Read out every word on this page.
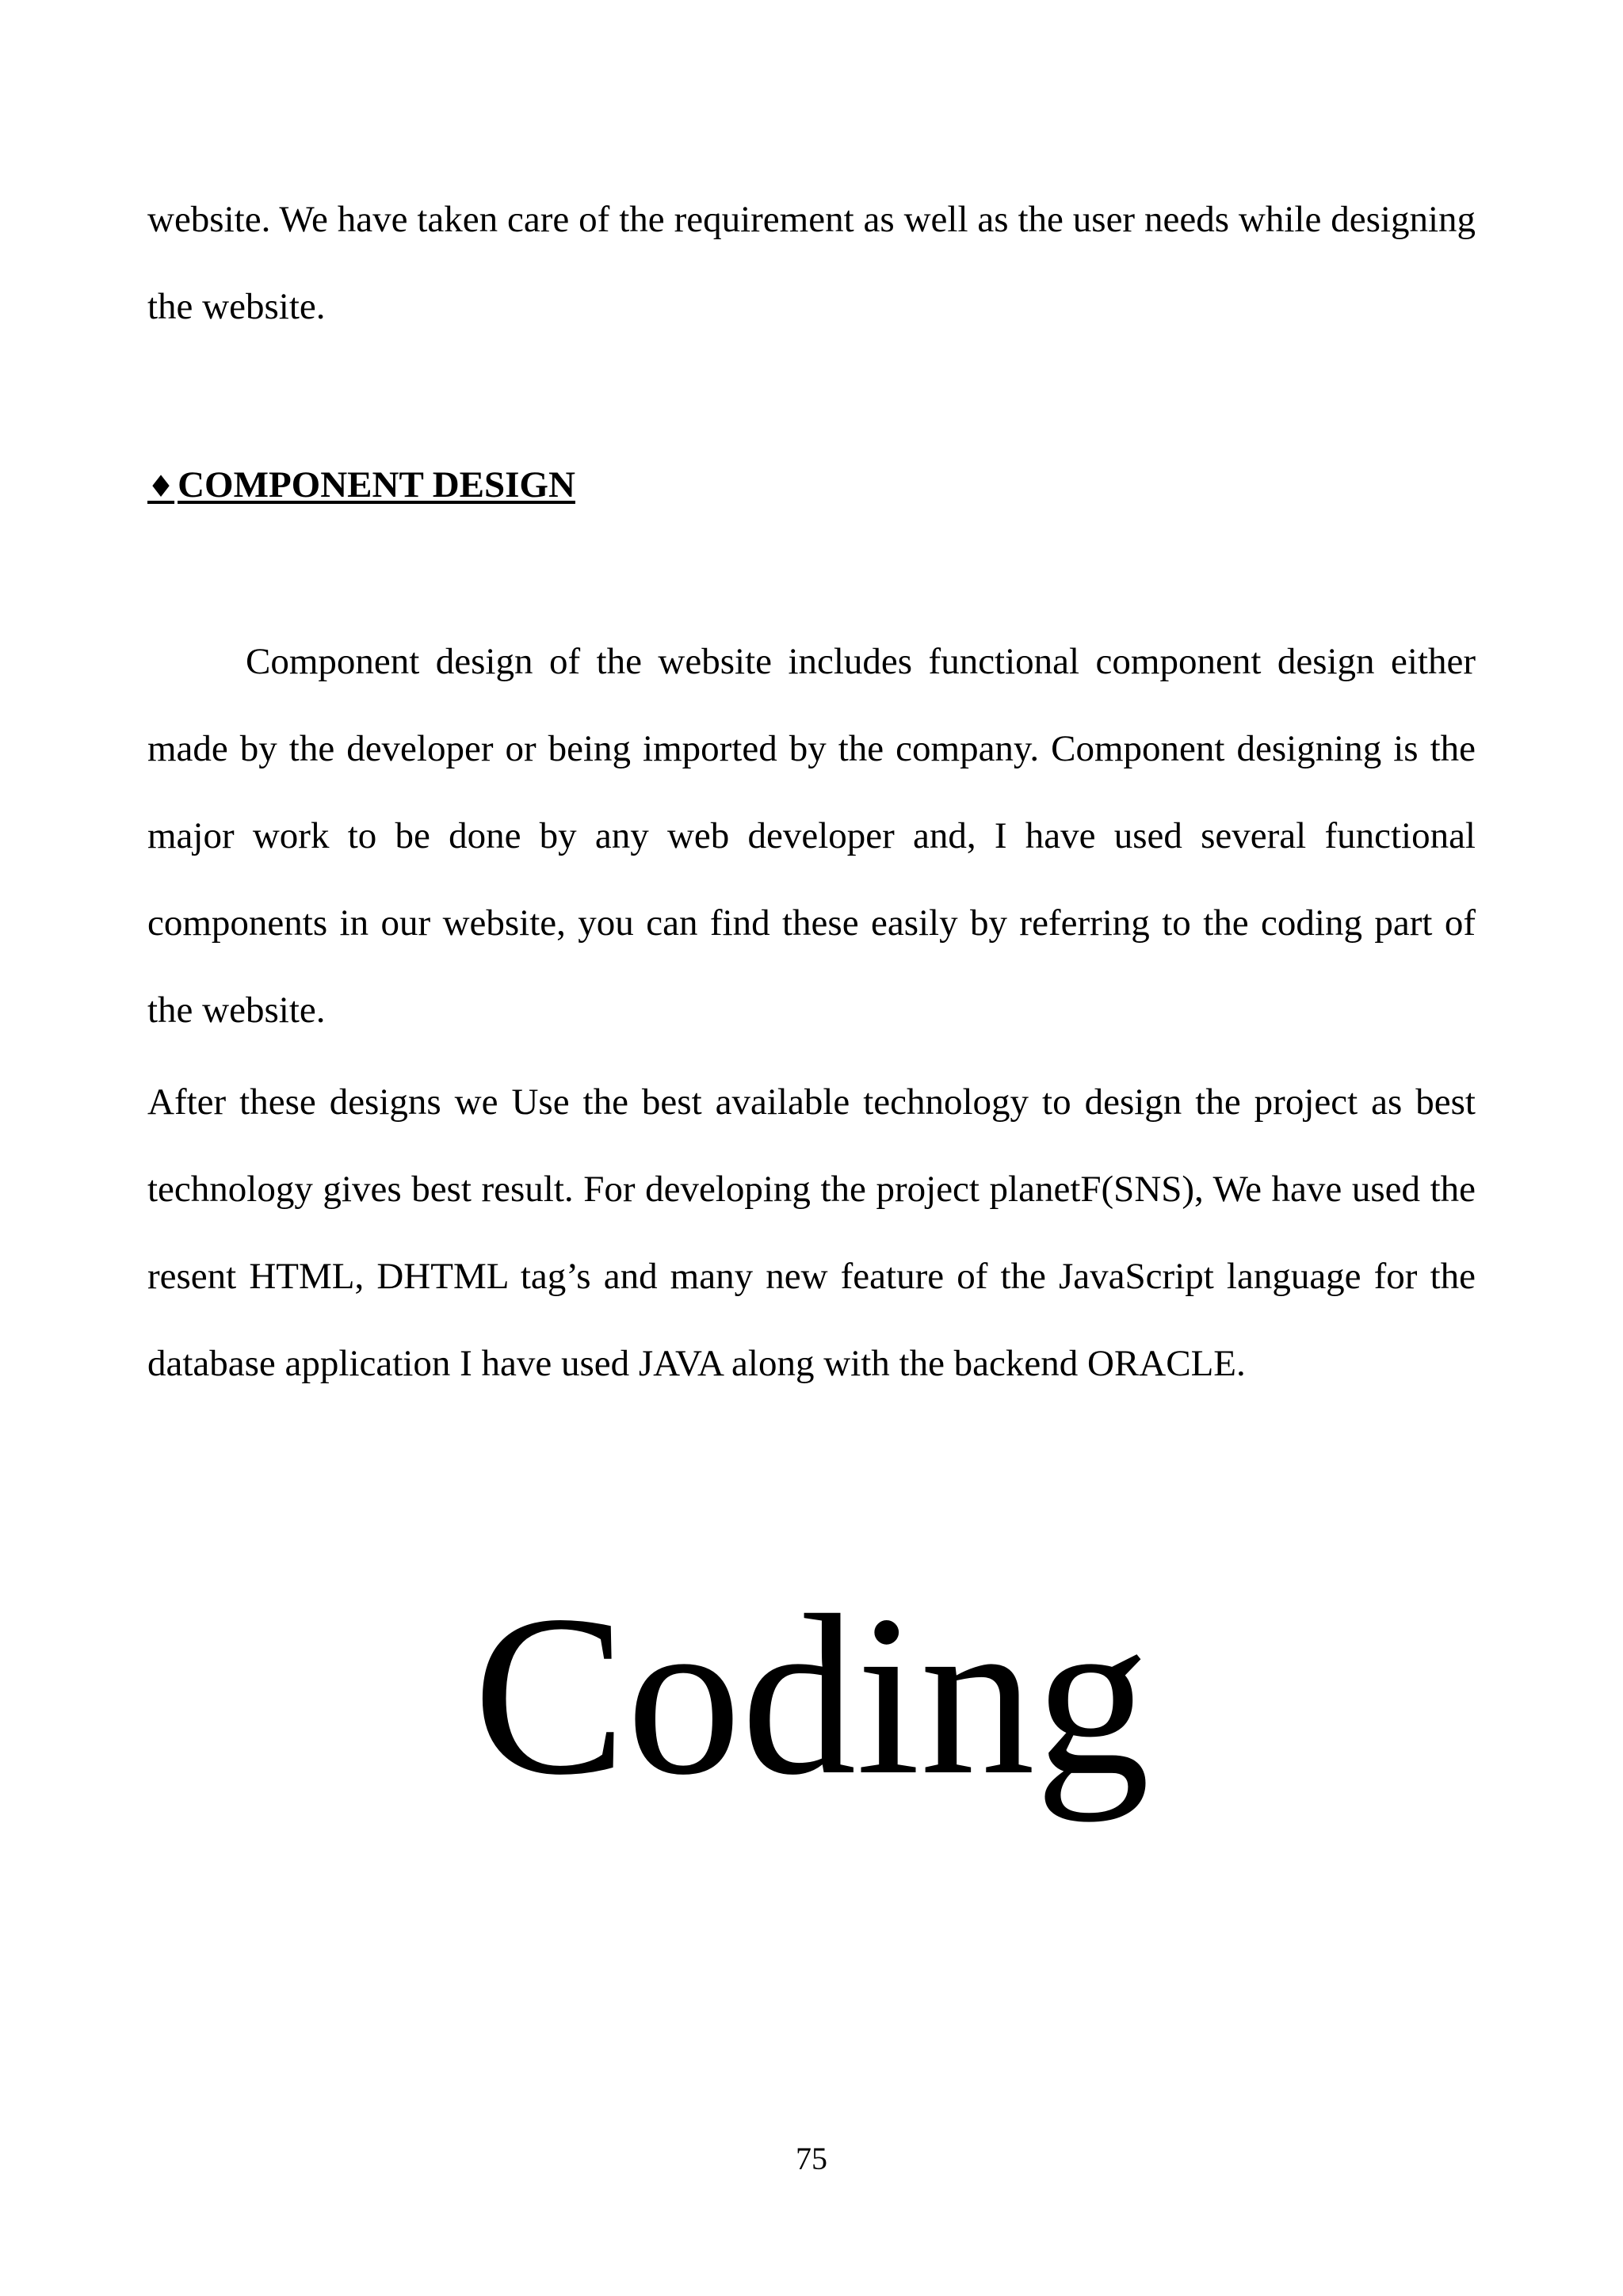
website. We have taken care of the requirement as well as the user needs while designing the website.

♦COMPONENT DESIGN

Component design of the website includes functional component design either made by the developer or being imported by the company. Component designing is the major work to be done by any web developer and, I have used several functional components in our website, you can find these easily by referring to the coding part of the website.

After these designs we Use the best available technology to design the project as best technology gives best result. For developing the project planetF(SNS), We have used the resent HTML, DHTML tag’s and many new feature of the JavaScript language for the database application I have used JAVA along with the backend ORACLE.

Coding
75
